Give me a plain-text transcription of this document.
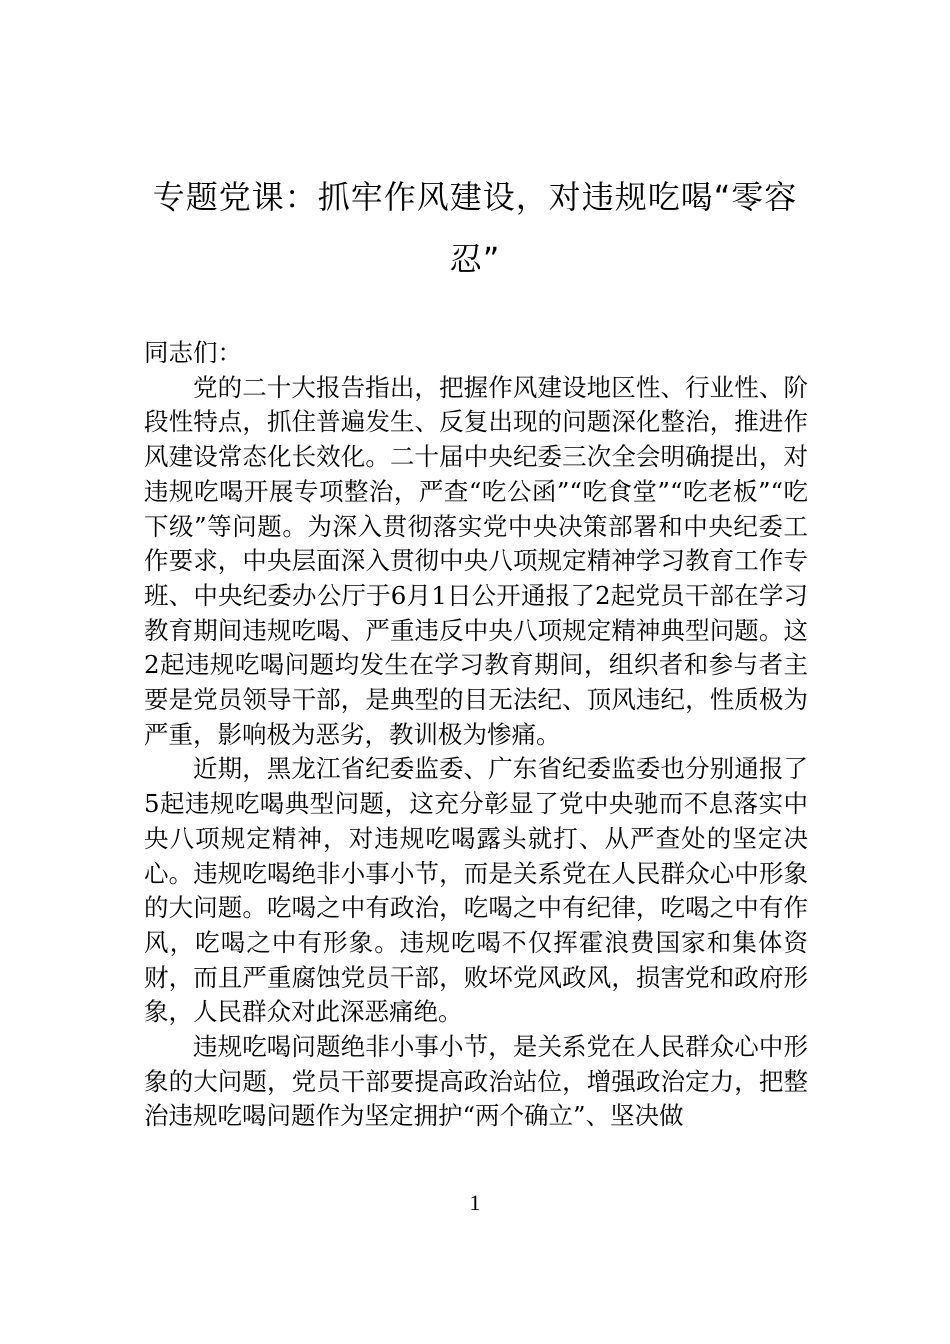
专题党课：抓牢作风建设，对违规吃喝“零容忍”

同志们：

党的二十大报告指出，把握作风建设地区性、行业性、阶段性特点，抓住普遍发生、反复出现的问题深化整治，推进作风建设常态化长效化。二十届中央纪委三次全会明确提出，对违规吃喝开展专项整治，严查“吃公函”“吃食堂”“吃老板”“吃下级”等问题。为深入贯彻落实党中央决策部署和中央纪委工作要求，中央层面深入贯彻中央八项规定精神学习教育工作专班、中央纪委办公厅于6月1日公开通报了2起党员干部在学习教育期间违规吃喝、严重违反中央八项规定精神典型问题。这2起违规吃喝问题均发生在学习教育期间，组织者和参与者主要是党员领导干部，是典型的目无法纪、顶风违纪，性质极为严重，影响极为恶劣，教训极为惨痛。

近期，黑龙江省纪委监委、广东省纪委监委也分别通报了5起违规吃喝典型问题，这充分彰显了党中央驰而不息落实中央八项规定精神，对违规吃喝露头就打、从严查处的坚定决心。违规吃喝绝非小事小节，而是关系党在人民群众心中形象的大问题。吃喝之中有政治，吃喝之中有纪律，吃喝之中有作风，吃喝之中有形象。违规吃喝不仅挥霍浪费国家和集体资财，而且严重腐蚀党员干部，败坏党风政风，损害党和政府形象，人民群众对此深恶痛绝。

违规吃喝问题绝非小事小节，是关系党在人民群众心中形象的大问题，党员干部要提高政治站位，增强政治定力，把整治违规吃喝问题作为坚定拥护“两个确立”、坚决做

1
